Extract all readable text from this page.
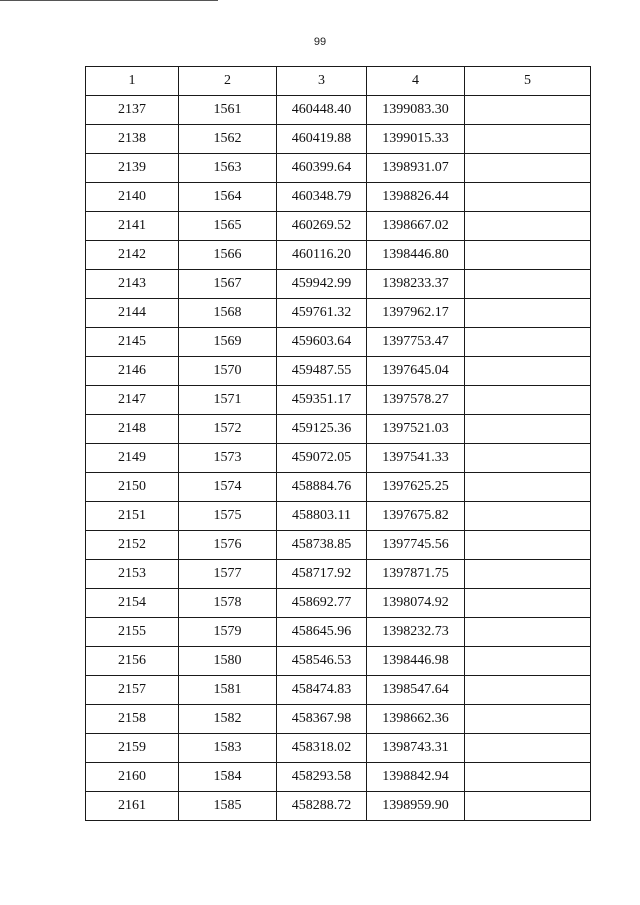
99
1	2	3	4	5
2137	1561	460448.40	1399083.30	
2138	1562	460419.88	1399015.33	
2139	1563	460399.64	1398931.07	
2140	1564	460348.79	1398826.44	
2141	1565	460269.52	1398667.02	
2142	1566	460116.20	1398446.80	
2143	1567	459942.99	1398233.37	
2144	1568	459761.32	1397962.17	
2145	1569	459603.64	1397753.47	
2146	1570	459487.55	1397645.04	
2147	1571	459351.17	1397578.27	
2148	1572	459125.36	1397521.03	
2149	1573	459072.05	1397541.33	
2150	1574	458884.76	1397625.25	
2151	1575	458803.11	1397675.82	
2152	1576	458738.85	1397745.56	
2153	1577	458717.92	1397871.75	
2154	1578	458692.77	1398074.92	
2155	1579	458645.96	1398232.73	
2156	1580	458546.53	1398446.98	
2157	1581	458474.83	1398547.64	
2158	1582	458367.98	1398662.36	
2159	1583	458318.02	1398743.31	
2160	1584	458293.58	1398842.94	
2161	1585	458288.72	1398959.90	
